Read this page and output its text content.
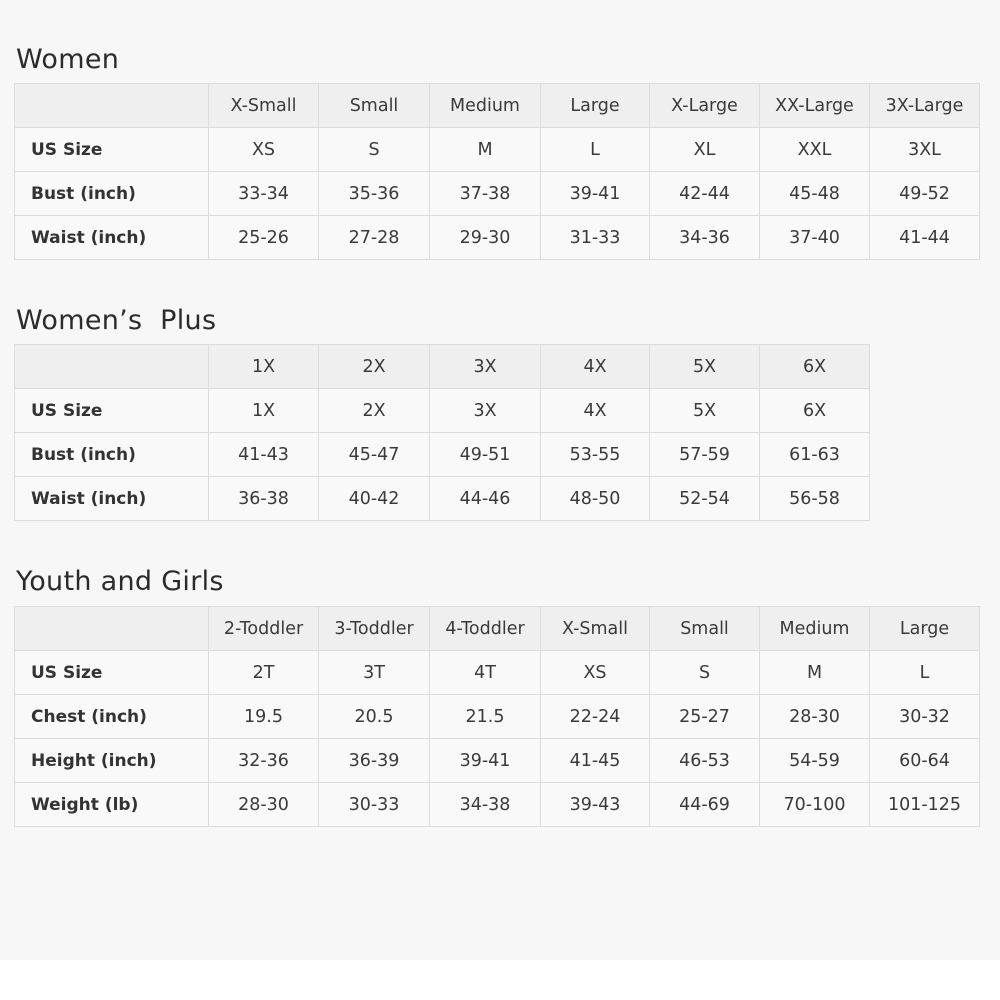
Women
	X-Small	Small	Medium	Large	X-Large	XX-Large	3X-Large
US Size	XS	S	M	L	XL	XXL	3XL
Bust (inch)	33-34	35-36	37-38	39-41	42-44	45-48	49-52
Waist (inch)	25-26	27-28	29-30	31-33	34-36	37-40	41-44
Women’s  Plus
	1X	2X	3X	4X	5X	6X
US Size	1X	2X	3X	4X	5X	6X
Bust (inch)	41-43	45-47	49-51	53-55	57-59	61-63
Waist (inch)	36-38	40-42	44-46	48-50	52-54	56-58
Youth and Girls
	2-Toddler	3-Toddler	4-Toddler	X-Small	Small	Medium	Large
US Size	2T	3T	4T	XS	S	M	L
Chest (inch)	19.5	20.5	21.5	22-24	25-27	28-30	30-32
Height (inch)	32-36	36-39	39-41	41-45	46-53	54-59	60-64
Weight (lb)	28-30	30-33	34-38	39-43	44-69	70-100	101-125
